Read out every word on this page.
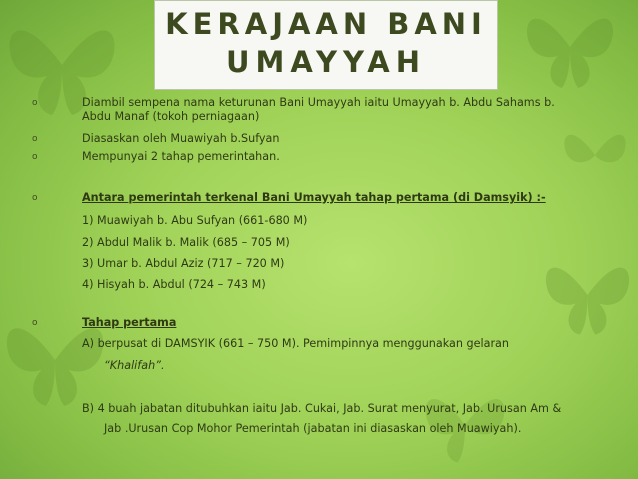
KERAJAAN BANI
UMAYYAH
o
o
o
o
o
Diambil sempena nama keturunan Bani Umayyah iaitu Umayyah b. Abdu Sahams b.
Abdu Manaf (tokoh perniagaan)
Diasaskan oleh Muawiyah b.Sufyan
Mempunyai 2 tahap pemerintahan.
Antara pemerintah terkenal Bani Umayyah tahap pertama (di Damsyik) :-
1) Muawiyah b. Abu Sufyan (661-680 M)
2) Abdul Malik b. Malik (685 – 705 M)
3) Umar b. Abdul Aziz (717 – 720 M)
4) Hisyah b. Abdul (724 – 743 M)
Tahap pertama
A) berpusat di DAMSYIK (661 – 750 M). Pemimpinnya menggunakan gelaran
“Khalifah”.
B) 4 buah jabatan ditubuhkan iaitu Jab. Cukai, Jab. Surat menyurat, Jab. Urusan Am &
Jab .Urusan Cop Mohor Pemerintah (jabatan ini diasaskan oleh Muawiyah).
